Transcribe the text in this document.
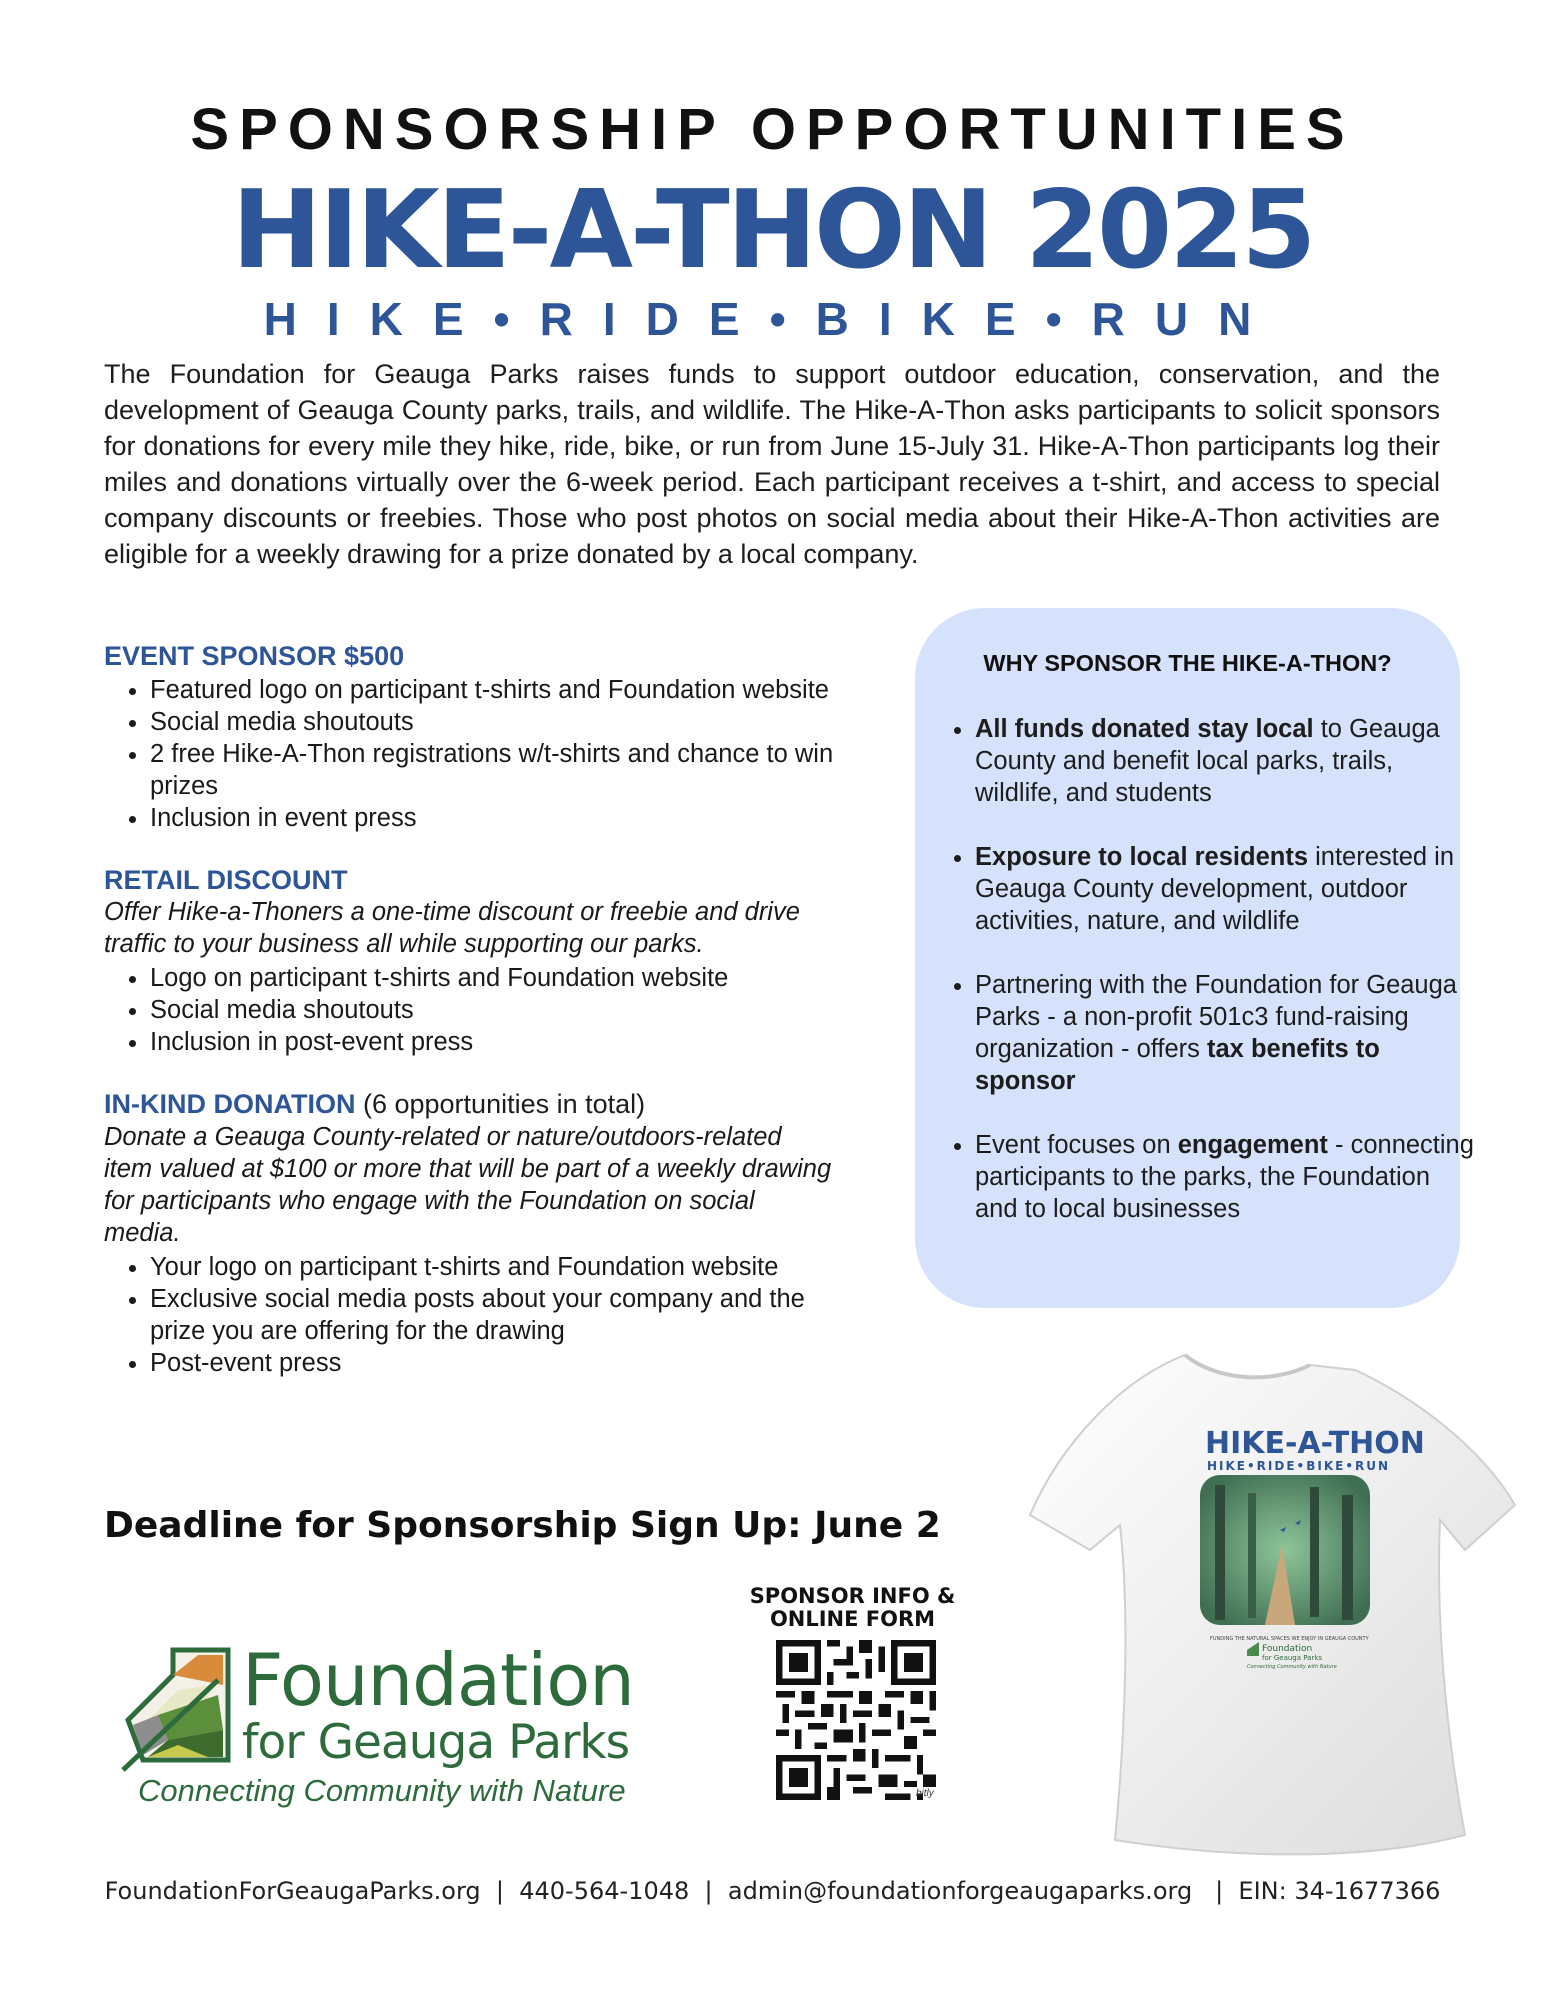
SPONSORSHIP OPPORTUNITIES
HIKE-A-THON 2025
HIKE•RIDE•BIKE•RUN
The Foundation for Geauga Parks raises funds to support outdoor education, conservation, and the development of Geauga County parks, trails, and wildlife. The Hike-A-Thon asks participants to solicit sponsors for donations for every mile they hike, ride, bike, or run from June 15-July 31. Hike-A-Thon participants log their miles and donations virtually over the 6-week period. Each participant receives a t-shirt, and access to special company discounts or freebies. Those who post photos on social media about their Hike-A-Thon activities are eligible for a weekly drawing for a prize donated by a local company.
EVENT SPONSOR $500
• Featured logo on participant t-shirts and Foundation website
• Social media shoutouts
• 2 free Hike-A-Thon registrations w/t-shirts and chance to win prizes
• Inclusion in event press
RETAIL DISCOUNT
Offer Hike-a-Thoners a one-time discount or freebie and drive traffic to your business all while supporting our parks.
• Logo on participant t-shirts and Foundation website
• Social media shoutouts
• Inclusion in post-event press
IN-KIND DONATION (6 opportunities in total)
Donate a Geauga County-related or nature/outdoors-related item valued at $100 or more that will be part of a weekly drawing for participants who engage with the Foundation on social media.
• Your logo on participant t-shirts and Foundation website
• Exclusive social media posts about your company and the prize you are offering for the drawing
• Post-event press
Deadline for Sponsorship Sign Up: June 2
WHY SPONSOR THE HIKE-A-THON?
• All funds donated stay local to Geauga County and benefit local parks, trails, wildlife, and students
• Exposure to local residents interested in Geauga County development, outdoor activities, nature, and wildlife
• Partnering with the Foundation for Geauga Parks - a non-profit 501c3 fund-raising organization - offers tax benefits to sponsor
• Event focuses on engagement - connecting participants to the parks, the Foundation and to local businesses
HIKE-A-THON
HIKE•RIDE•BIKE•RUN
FUNDING THE NATURAL SPACES WE ENJOY IN GEAUGA COUNTY
Foundation
for Geauga Parks
Connecting Community with Nature
Foundation
for Geauga Parks
Connecting Community with Nature
SPONSOR INFO &
ONLINE FORM
bitly
FoundationForGeaugaParks.org  |  440-564-1048  |  admin@foundationforgeaugaparks.org   |  EIN: 34-1677366
